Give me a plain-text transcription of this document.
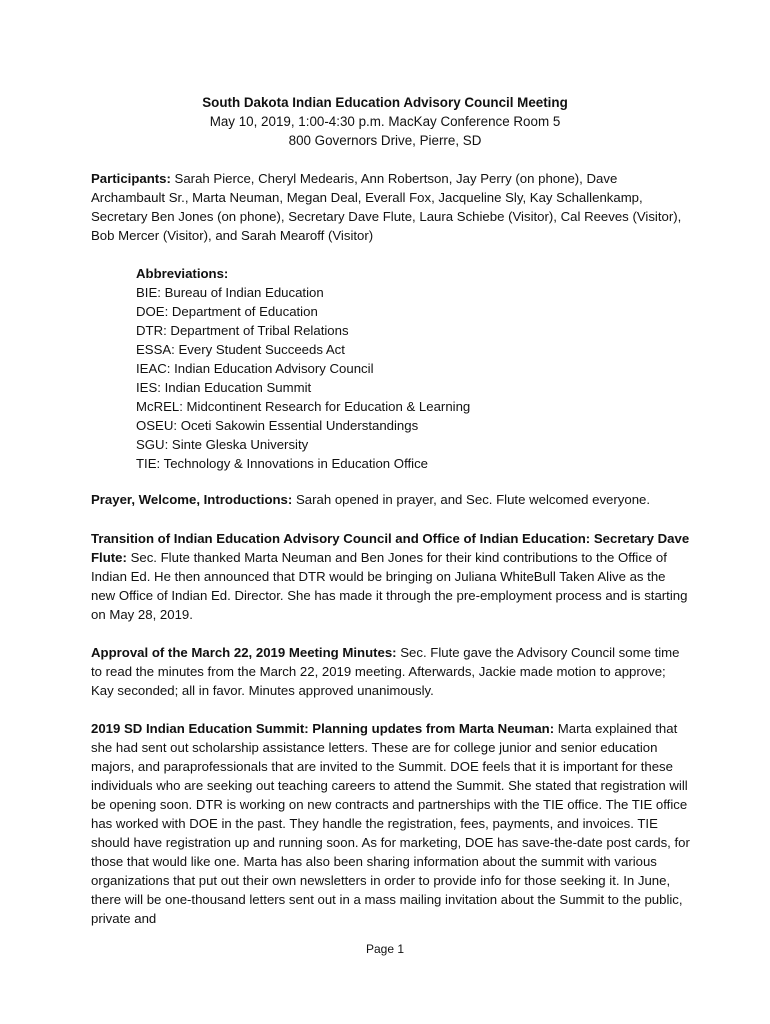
South Dakota Indian Education Advisory Council Meeting
May 10, 2019, 1:00-4:30 p.m. MacKay Conference Room 5
800 Governors Drive, Pierre, SD

Participants: Sarah Pierce, Cheryl Medearis, Ann Robertson, Jay Perry (on phone), Dave Archambault Sr., Marta Neuman, Megan Deal, Everall Fox, Jacqueline Sly, Kay Schallenkamp, Secretary Ben Jones (on phone), Secretary Dave Flute, Laura Schiebe (Visitor), Cal Reeves (Visitor), Bob Mercer (Visitor), and Sarah Mearoff (Visitor)

Abbreviations:
BIE: Bureau of Indian Education
DOE: Department of Education
DTR: Department of Tribal Relations
ESSA: Every Student Succeeds Act
IEAC: Indian Education Advisory Council
IES: Indian Education Summit
McREL: Midcontinent Research for Education & Learning
OSEU: Oceti Sakowin Essential Understandings
SGU: Sinte Gleska University
TIE: Technology & Innovations in Education Office

Prayer, Welcome, Introductions: Sarah opened in prayer, and Sec. Flute welcomed everyone.

Transition of Indian Education Advisory Council and Office of Indian Education: Secretary Dave Flute: Sec. Flute thanked Marta Neuman and Ben Jones for their kind contributions to the Office of Indian Ed. He then announced that DTR would be bringing on Juliana WhiteBull Taken Alive as the new Office of Indian Ed. Director. She has made it through the pre-employment process and is starting on May 28, 2019.

Approval of the March 22, 2019 Meeting Minutes: Sec. Flute gave the Advisory Council some time to read the minutes from the March 22, 2019 meeting. Afterwards, Jackie made motion to approve; Kay seconded; all in favor. Minutes approved unanimously.

2019 SD Indian Education Summit: Planning updates from Marta Neuman: Marta explained that she had sent out scholarship assistance letters. These are for college junior and senior education majors, and paraprofessionals that are invited to the Summit. DOE feels that it is important for these individuals who are seeking out teaching careers to attend the Summit. She stated that registration will be opening soon. DTR is working on new contracts and partnerships with the TIE office. The TIE office has worked with DOE in the past. They handle the registration, fees, payments, and invoices. TIE should have registration up and running soon. As for marketing, DOE has save-the-date post cards, for those that would like one. Marta has also been sharing information about the summit with various organizations that put out their own newsletters in order to provide info for those seeking it. In June, there will be one-thousand letters sent out in a mass mailing invitation about the Summit to the public, private and

Page 1
